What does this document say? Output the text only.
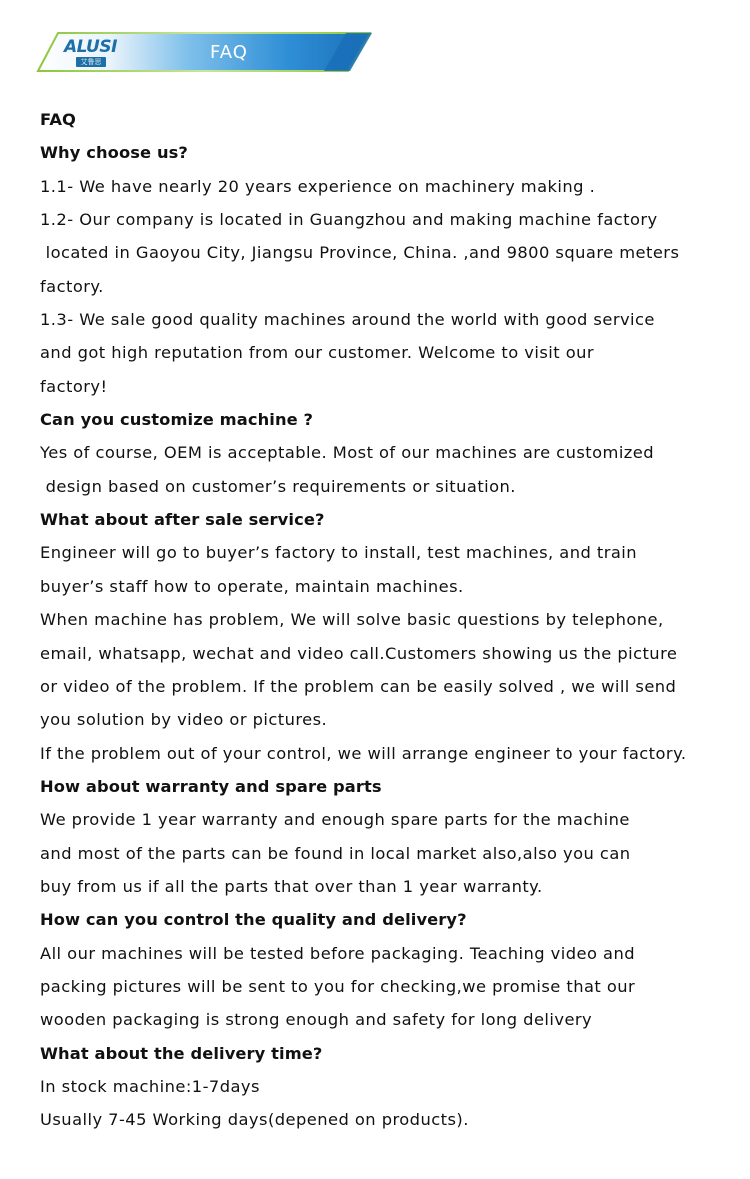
ALUSI
艾鲁思	FAQ
FAQ
Why choose us?
1.1- We have nearly 20 years experience on machinery making .
1.2- Our company is located in Guangzhou and making machine factory
located in Gaoyou City, Jiangsu Province, China. ,and 9800 square meters
factory.
1.3- We sale good quality machines around the world with good service
and got high reputation from our customer. Welcome to visit our
factory!
Can you customize machine ?
Yes of course, OEM is acceptable. Most of our machines are customized
design based on customer’s requirements or situation.
What about after sale service?
Engineer will go to buyer’s factory to install, test machines, and train
buyer’s staff how to operate, maintain machines.
When machine has problem, We will solve basic questions by telephone,
email, whatsapp, wechat and video call.Customers showing us the picture
or video of the problem. If the problem can be easily solved , we will send
you solution by video or pictures.
If the problem out of your control, we will arrange engineer to your factory.
How about warranty and spare parts
We provide 1 year warranty and enough spare parts for the machine
and most of the parts can be found in local market also,also you can
buy from us if all the parts that over than 1 year warranty.
How can you control the quality and delivery?
All our machines will be tested before packaging. Teaching video and
packing pictures will be sent to you for checking,we promise that our
wooden packaging is strong enough and safety for long delivery
What about the delivery time?
In stock machine:1-7days
Usually 7-45 Working days(depened on products).
